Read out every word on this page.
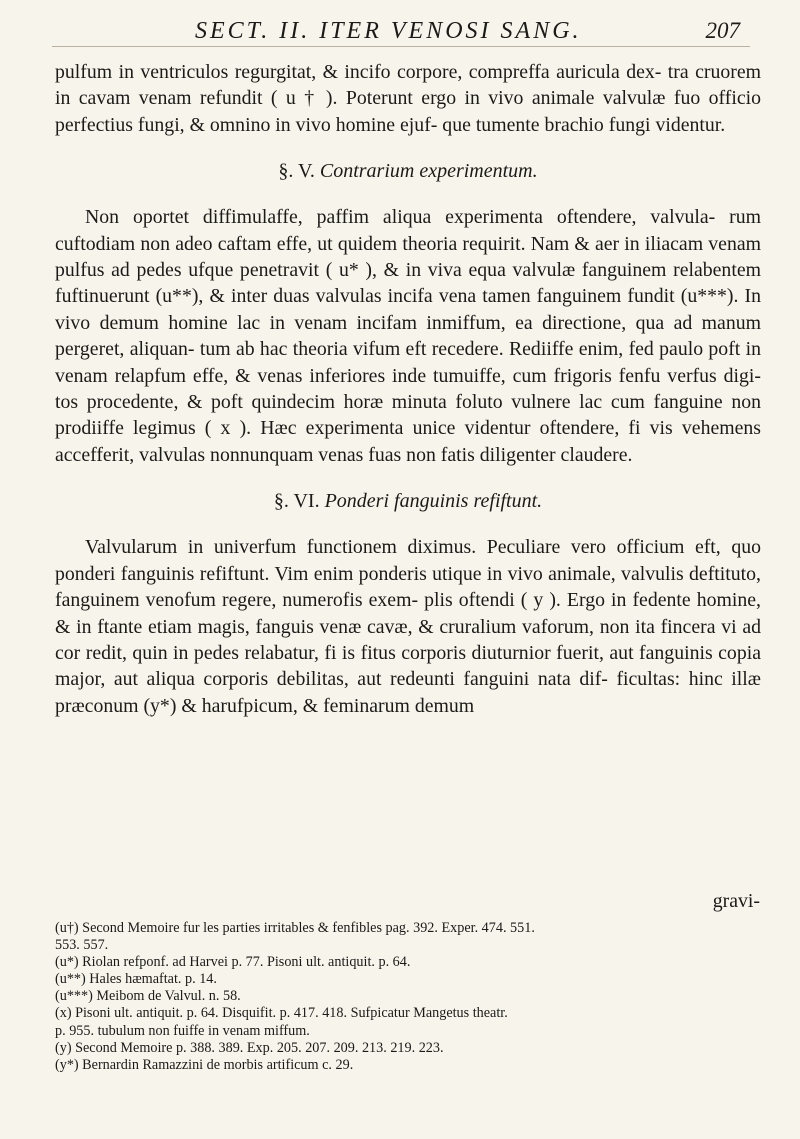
SECT. II. ITER VENOSI SANG.	207

pulfum in ventriculos regurgitat, & incifo corpore, compreffa auricula dex- tra cruorem in cavam venam refundit ( u † ). Poterunt ergo in vivo animale valvulæ fuo officio perfectius fungi, & omnino in vivo homine ejuf- que tumente brachio fungi videntur.

§. V. Contrarium experimentum.

Non oportet diffimulaffe, paffim aliqua experimenta oftendere, valvula- rum cuftodiam non adeo caftam effe, ut quidem theoria requirit. Nam & aer in iliacam venam pulfus ad pedes ufque penetravit ( u* ), & in viva equa valvulæ fanguinem relabentem fuftinuerunt (u**), & inter duas valvulas incifa vena tamen fanguinem fundit (u***). In vivo demum homine lac in venam incifam inmiffum, ea directione, qua ad manum pergeret, aliquan- tum ab hac theoria vifum eft recedere. Rediiffe enim, fed paulo poft in venam relapfum effe, & venas inferiores inde tumuiffe, cum frigoris fenfu verfus digi- tos procedente, & poft quindecim horæ minuta foluto vulnere lac cum fanguine non prodiiffe legimus ( x ). Hæc experimenta unice videntur oftendere, fi vis vehemens accefferit, valvulas nonnunquam venas fuas non fatis diligenter claudere.

§. VI. Ponderi fanguinis refiftunt.

Valvularum in univerfum functionem diximus. Peculiare vero officium eft, quo ponderi fanguinis refiftunt. Vim enim ponderis utique in vivo animale, valvulis deftituto, fanguinem venofum regere, numerofis exem- plis oftendi ( y ). Ergo in fedente homine, & in ftante etiam magis, fanguis venæ cavæ, & cruralium vaforum, non ita fincera vi ad cor redit, quin in pedes relabatur, fi is fitus corporis diuturnior fuerit, aut fanguinis copia major, aut aliqua corporis debilitas, aut redeunti fanguini nata dif- ficultas: hinc illæ præconum (y*) & harufpicum, & feminarum demum

gravi-

(u†) Second Memoire fur les parties irritables & fenfibles pag. 392. Exper. 474. 551.

553. 557.

(u*) Riolan refponf. ad Harvei p. 77. Pisoni ult. antiquit. p. 64.

(u**) Hales hæmaftat. p. 14.

(u***) Meibom de Valvul. n. 58.

(x) Pisoni ult. antiquit. p. 64. Disquifit. p. 417. 418. Sufpicatur Mangetus theatr.

p. 955. tubulum non fuiffe in venam miffum.

(y) Second Memoire p. 388. 389. Exp. 205. 207. 209. 213. 219. 223.

(y*) Bernardin Ramazzini de morbis artificum c. 29.
